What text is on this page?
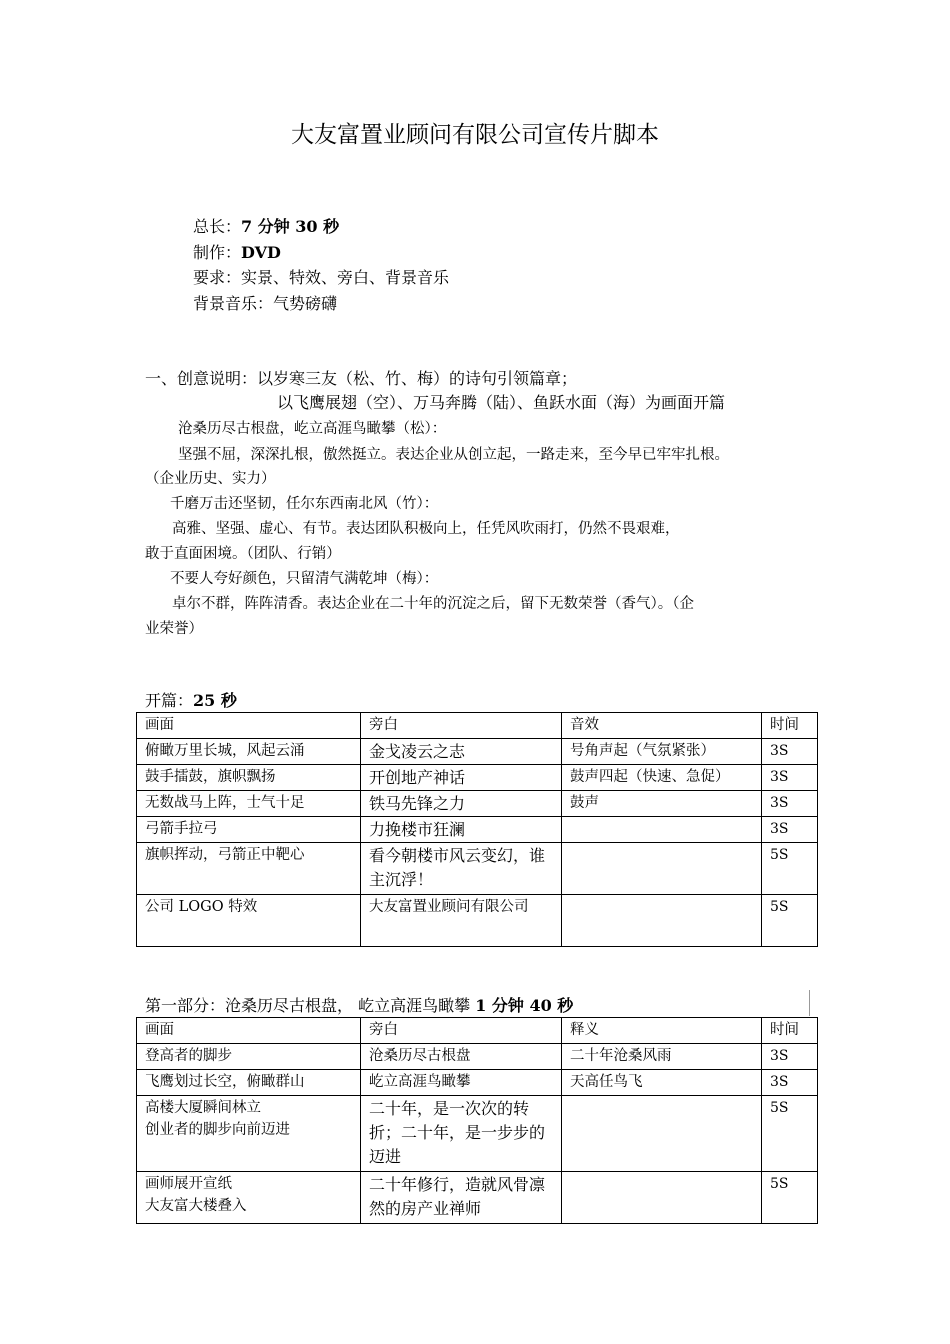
大友富置业顾问有限公司宣传片脚本
总长：7 分钟 30 秒
制作：DVD
要求：实景、特效、旁白、背景音乐
背景音乐：气势磅礴
一、创意说明：以岁寒三友（松、竹、梅）的诗句引领篇章；
以飞鹰展翅（空）、万马奔腾（陆）、鱼跃水面（海）为画面开篇
沧桑历尽古根盘，屹立高涯鸟瞰攀（松）：
坚强不屈，深深扎根，傲然挺立。表达企业从创立起，一路走来，至今早已牢牢扎根。
（企业历史、实力）
千磨万击还坚韧，任尔东西南北风（竹）：
高雅、坚强、虚心、有节。表达团队积极向上，任凭风吹雨打，仍然不畏艰难，
敢于直面困境。（团队、行销）
不要人夸好颜色，只留清气满乾坤（梅）：
卓尔不群，阵阵清香。表达企业在二十年的沉淀之后，留下无数荣誉（香气）。（企
业荣誉）
开篇：25 秒
画面	旁白	音效	时间
俯瞰万里长城，风起云涌	金戈凌云之志	号角声起（气氛紧张）	3S
鼓手擂鼓，旗帜飘扬	开创地产神话	鼓声四起（快速、急促）	3S
无数战马上阵，士气十足	铁马先锋之力	鼓声	3S
弓箭手拉弓	力挽楼市狂澜		3S
旗帜挥动，弓箭正中靶心	看今朝楼市风云变幻，谁主沉浮！		5S
公司 LOGO 特效	大友富置业顾问有限公司		5S
第一部分：沧桑历尽古根盘， 屹立高涯鸟瞰攀 1 分钟 40 秒
画面	旁白	释义	时间
登高者的脚步	沧桑历尽古根盘	二十年沧桑风雨	3S
飞鹰划过长空，俯瞰群山	屹立高涯鸟瞰攀	天高任鸟飞	3S
高楼大厦瞬间林立
创业者的脚步向前迈进	二十年，是一次次的转折；二十年，是一步步的迈进		5S
画师展开宣纸
大友富大楼叠入	二十年修行，造就风骨凛然的房产业禅师		5S
